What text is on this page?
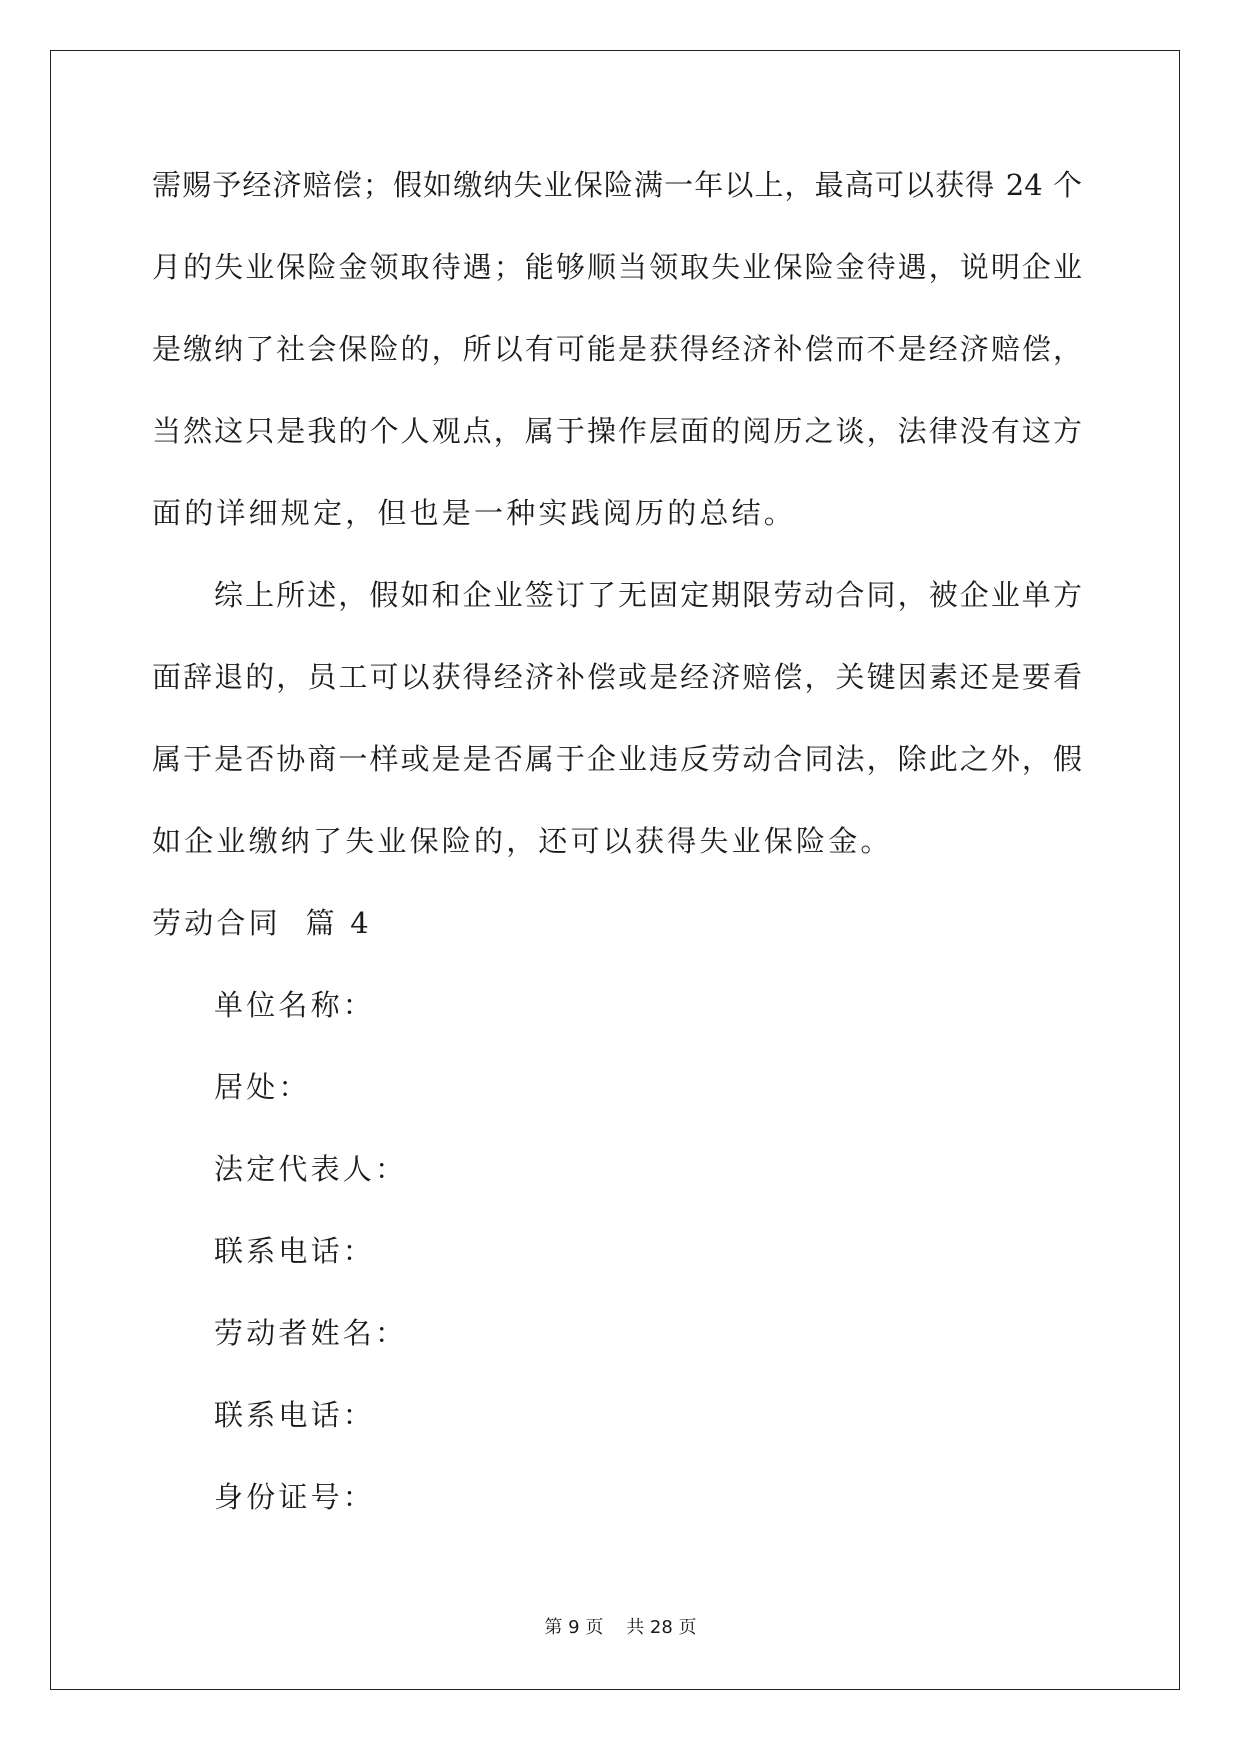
需赐予经济赔偿；假如缴纳失业保险满一年以上，最高可以获得 24 个
月的失业保险金领取待遇；能够顺当领取失业保险金待遇，说明企业
是缴纳了社会保险的，所以有可能是获得经济补偿而不是经济赔偿，
当然这只是我的个人观点，属于操作层面的阅历之谈，法律没有这方
面的详细规定，但也是一种实践阅历的总结。
综上所述，假如和企业签订了无固定期限劳动合同，被企业单方
面辞退的，员工可以获得经济补偿或是经济赔偿，关键因素还是要看
属于是否协商一样或是是否属于企业违反劳动合同法，除此之外，假
如企业缴纳了失业保险的，还可以获得失业保险金。
劳动合同  篇 4
单位名称：
居处：
法定代表人：
联系电话：
劳动者姓名：
联系电话：
身份证号：
第 9 页    共 28 页
